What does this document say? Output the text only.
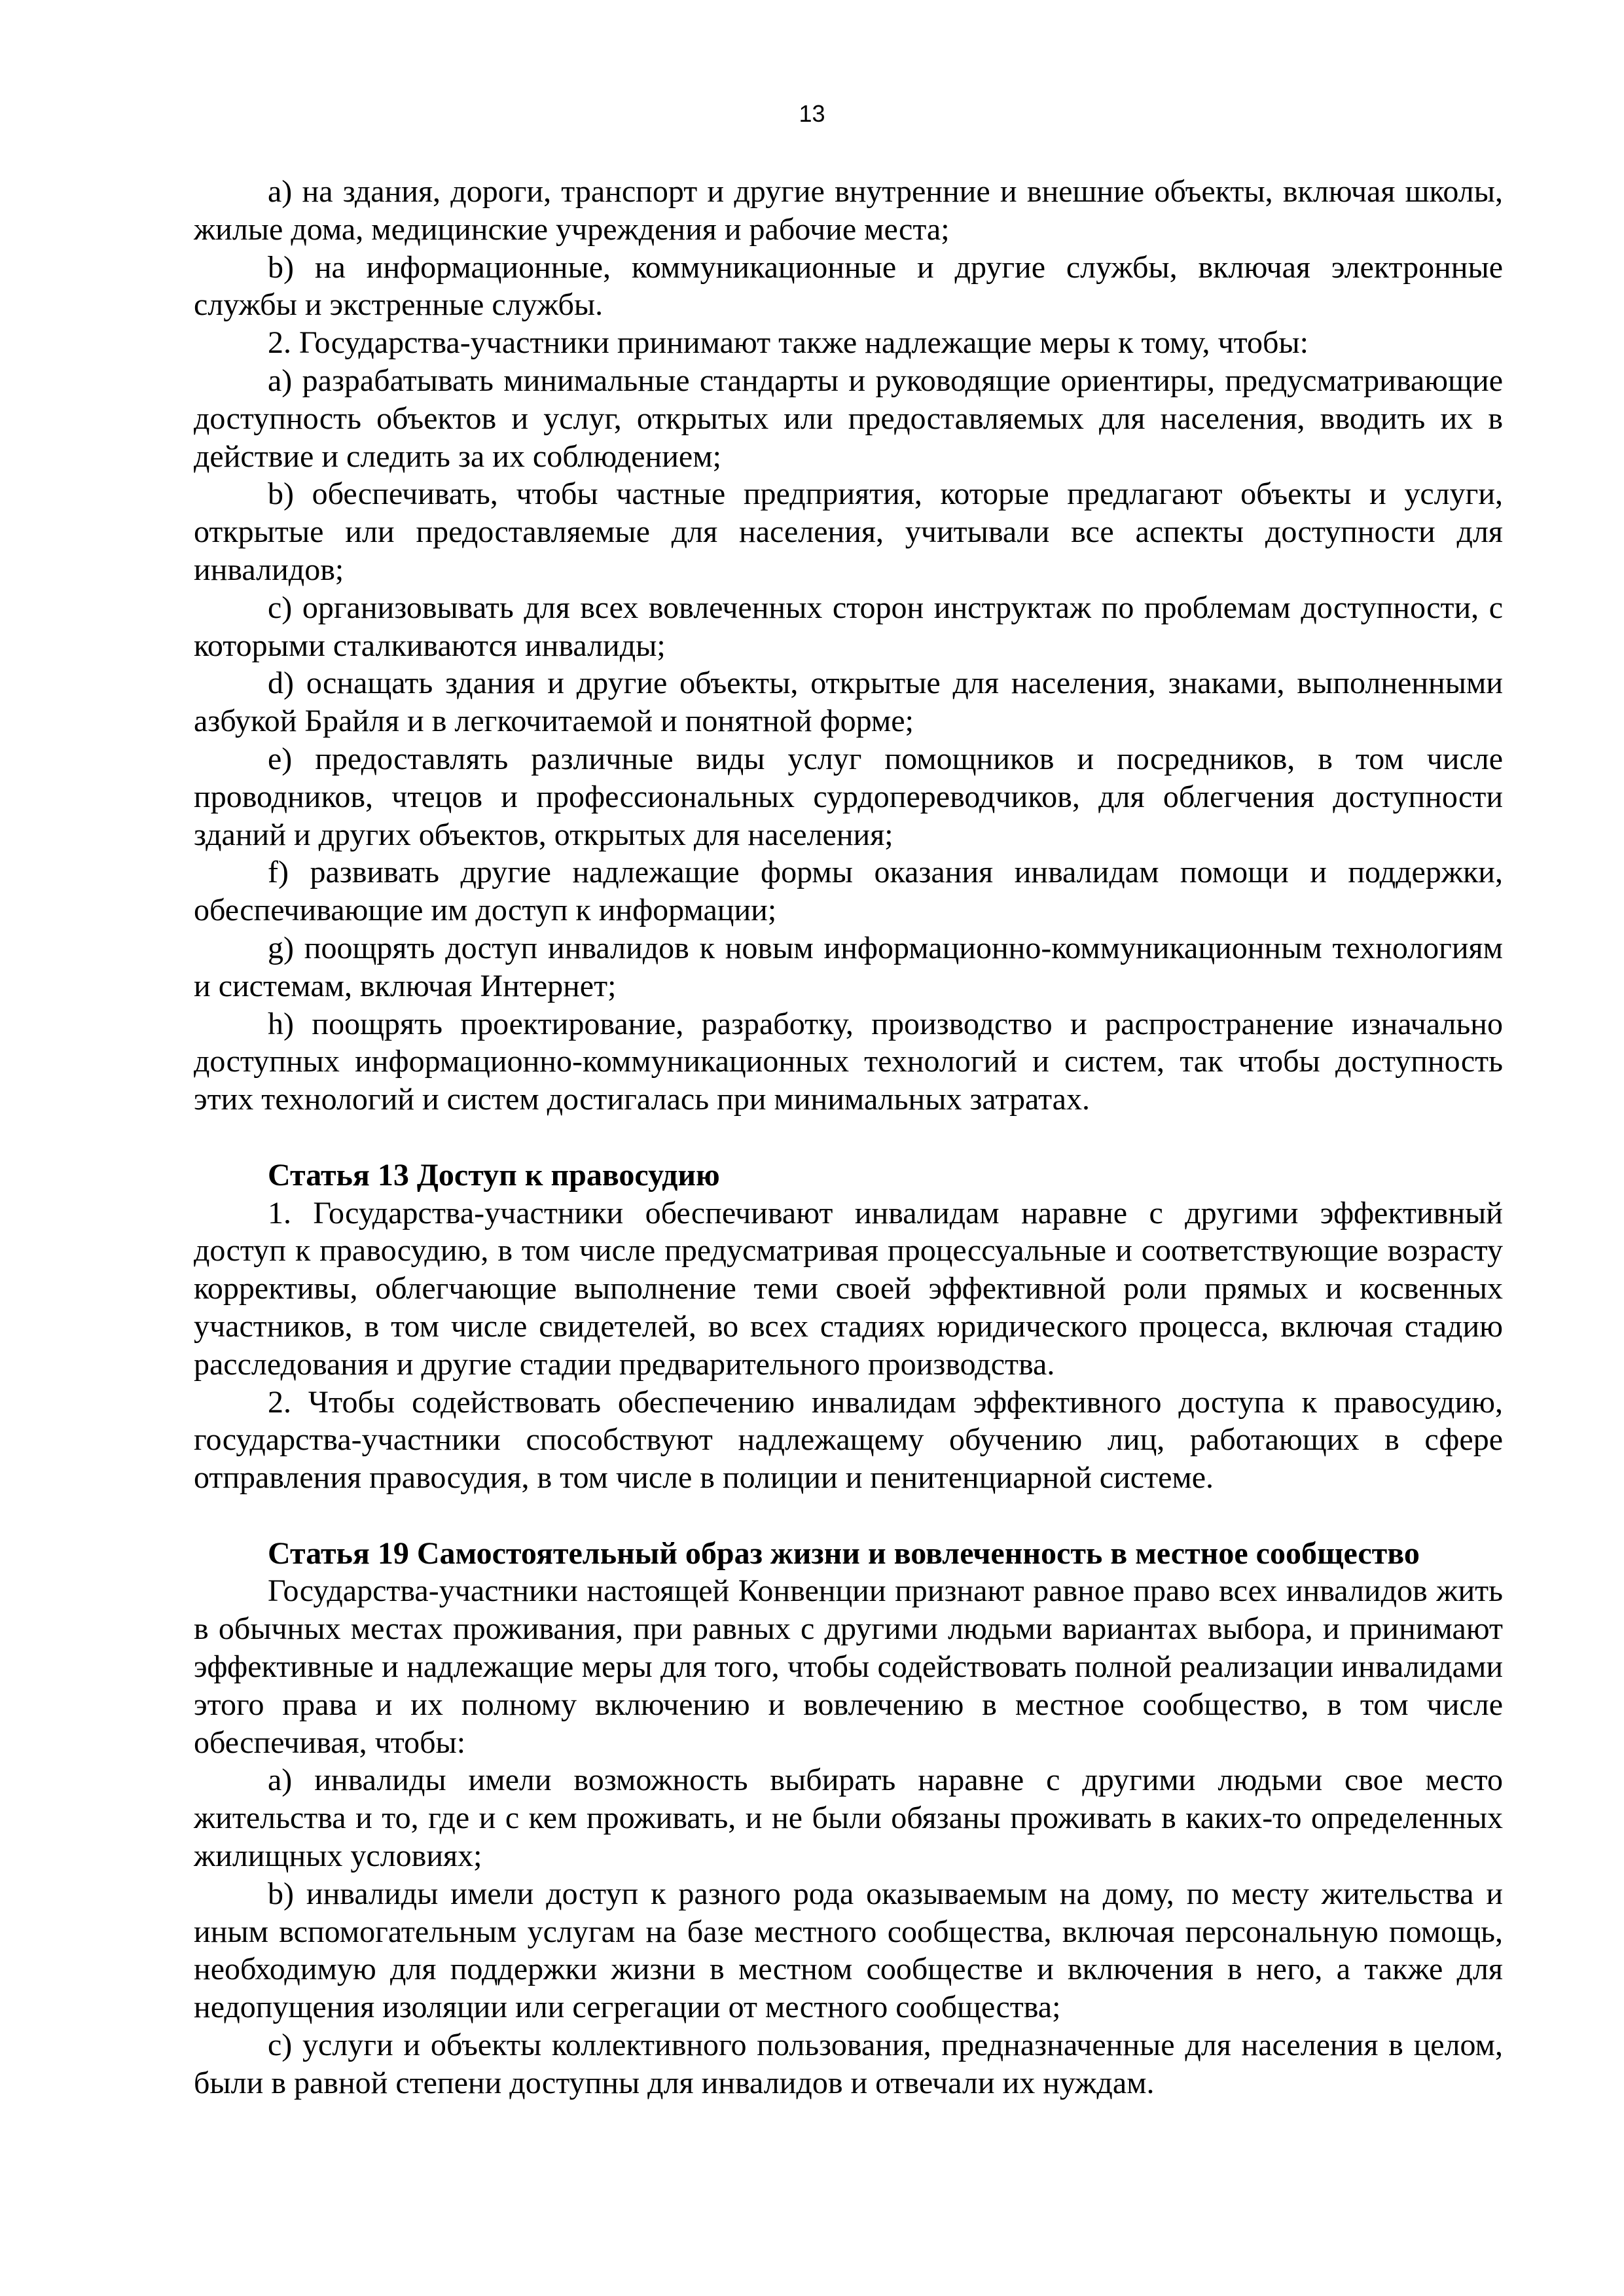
13

a) на здания, дороги, транспорт и другие внутренние и внешние объекты, включая школы, жилые дома, медицинские учреждения и рабочие места;

b) на информационные, коммуникационные и другие службы, включая электронные службы и экстренные службы.

2. Государства-участники принимают также надлежащие меры к тому, чтобы:

a) разрабатывать минимальные стандарты и руководящие ориентиры, предусматривающие доступность объектов и услуг, открытых или предоставляемых для населения, вводить их в действие и следить за их соблюдением;

b) обеспечивать, чтобы частные предприятия, которые предлагают объекты и услуги, открытые или предоставляемые для населения, учитывали все аспекты доступности для инвалидов;

c) организовывать для всех вовлеченных сторон инструктаж по проблемам доступности, с которыми сталкиваются инвалиды;

d) оснащать здания и другие объекты, открытые для населения, знаками, выполненными азбукой Брайля и в легкочитаемой и понятной форме;

e) предоставлять различные виды услуг помощников и посредников, в том числе проводников, чтецов и профессиональных сурдопереводчиков, для облегчения доступности зданий и других объектов, открытых для населения;

f) развивать другие надлежащие формы оказания инвалидам помощи и поддержки, обеспечивающие им доступ к информации;

g) поощрять доступ инвалидов к новым информационно-коммуникационным технологиям и системам, включая Интернет;

h) поощрять проектирование, разработку, производство и распространение изначально доступных информационно-коммуникационных технологий и систем, так чтобы доступность этих технологий и систем достигалась при минимальных затратах.

Статья 13 Доступ к правосудию

1. Государства-участники обеспечивают инвалидам наравне с другими эффективный доступ к правосудию, в том числе предусматривая процессуальные и соответствующие возрасту коррективы, облегчающие выполнение теми своей эффективной роли прямых и косвенных участников, в том числе свидетелей, во всех стадиях юридического процесса, включая стадию расследования и другие стадии предварительного производства.

2. Чтобы содействовать обеспечению инвалидам эффективного доступа к правосудию, государства-участники способствуют надлежащему обучению лиц, работающих в сфере отправления правосудия, в том числе в полиции и пенитенциарной системе.

Статья 19 Самостоятельный образ жизни и вовлеченность в местное сообщество

Государства-участники настоящей Конвенции признают равное право всех инвалидов жить в обычных местах проживания, при равных с другими людьми вариантах выбора, и принимают эффективные и надлежащие меры для того, чтобы содействовать полной реализации инвалидами этого права и их полному включению и вовлечению в местное сообщество, в том числе обеспечивая, чтобы:

a) инвалиды имели возможность выбирать наравне с другими людьми свое место жительства и то, где и с кем проживать, и не были обязаны проживать в каких-то определенных жилищных условиях;

b) инвалиды имели доступ к разного рода оказываемым на дому, по месту жительства и иным вспомогательным услугам на базе местного сообщества, включая персональную помощь, необходимую для поддержки жизни в местном сообществе и включения в него, а также для недопущения изоляции или сегрегации от местного сообщества;

c) услуги и объекты коллективного пользования, предназначенные для населения в целом, были в равной степени доступны для инвалидов и отвечали их нуждам.
